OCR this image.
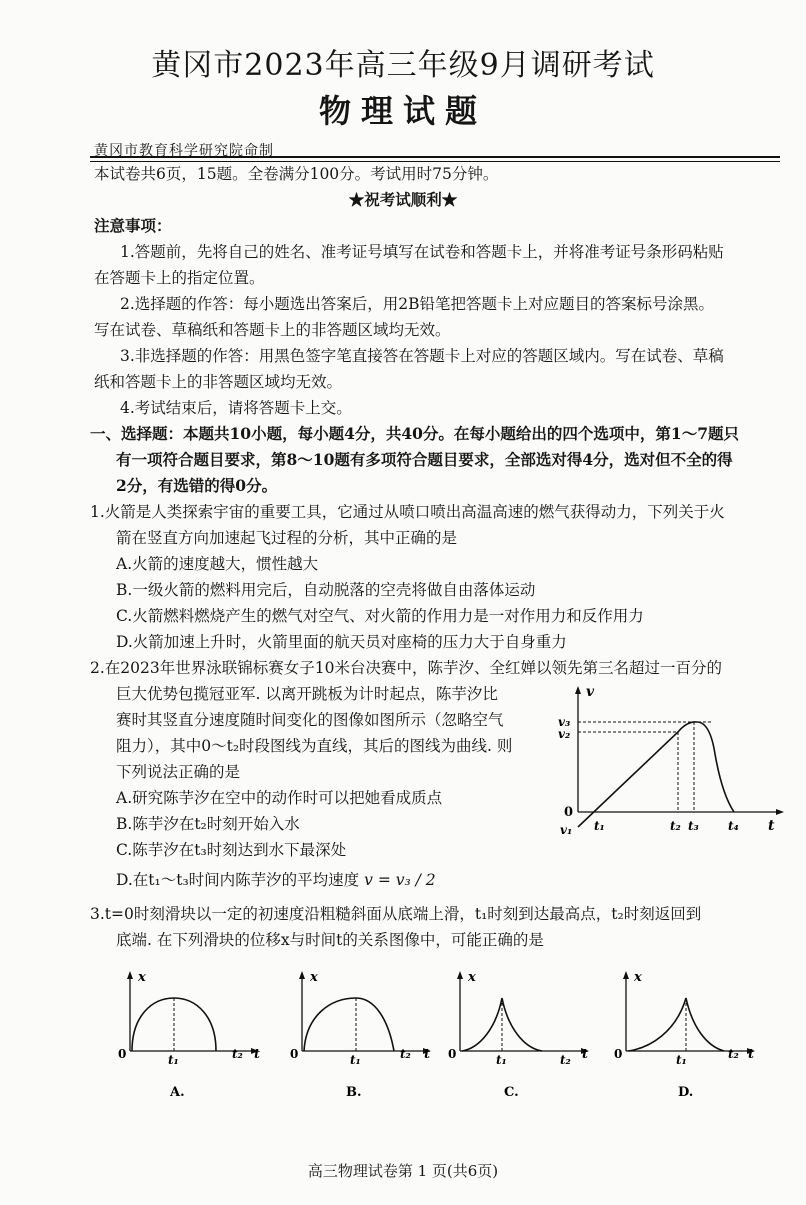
黄冈市2023年高三年级9月调研考试
物理试题
黄冈市教育科学研究院命制
本试卷共6页，15题。全卷满分100分。考试用时75分钟。
★祝考试顺利★
注意事项：
1.答题前，先将自己的姓名、准考证号填写在试卷和答题卡上，并将准考证号条形码粘贴
在答题卡上的指定位置。
2.选择题的作答：每小题选出答案后，用2B铅笔把答题卡上对应题目的答案标号涂黑。
写在试卷、草稿纸和答题卡上的非答题区域均无效。
3.非选择题的作答：用黑色签字笔直接答在答题卡上对应的答题区域内。写在试卷、草稿
纸和答题卡上的非答题区域均无效。
4.考试结束后，请将答题卡上交。
一、选择题：本题共10小题，每小题4分，共40分。在每小题给出的四个选项中，第1～7题只
有一项符合题目要求，第8～10题有多项符合题目要求，全部选对得4分，选对但不全的得
2分，有选错的得0分。
1.火箭是人类探索宇宙的重要工具，它通过从喷口喷出高温高速的燃气获得动力，下列关于火
箭在竖直方向加速起飞过程的分析，其中正确的是
A.火箭的速度越大，惯性越大
B.一级火箭的燃料用完后，自动脱落的空壳将做自由落体运动
C.火箭燃料燃烧产生的燃气对空气、对火箭的作用力是一对作用力和反作用力
D.火箭加速上升时，火箭里面的航天员对座椅的压力大于自身重力
2.在2023年世界泳联锦标赛女子10米台决赛中，陈芋汐、全红婵以领先第三名超过一百分的
巨大优势包揽冠亚军. 以离开跳板为计时起点，陈芋汐比
赛时其竖直分速度随时间变化的图像如图所示（忽略空气
阻力），其中0～t₂时段图线为直线，其后的图线为曲线. 则
下列说法正确的是
A.研究陈芋汐在空中的动作时可以把她看成质点
B.陈芋汐在t₂时刻开始入水
C.陈芋汐在t₃时刻达到水下最深处
D.在t₁～t₃时间内陈芋汐的平均速度 v = v₃ / 2
v
v₃
v₂
0
v₁ t₁	t₂ t₃ t₄ t
3.t=0时刻滑块以一定的初速度沿粗糙斜面从底端上滑，t₁时刻到达最高点，t₂时刻返回到
底端. 在下列滑块的位移x与时间t的关系图像中，可能正确的是
x
0	t₁	t₂ t
A.
x
0	t₁	t₂ t
B.
x
0	t₁	t₂ t
C.
x
0	t₁	t₂ t
D.
高三物理试卷第 1 页(共6页)
